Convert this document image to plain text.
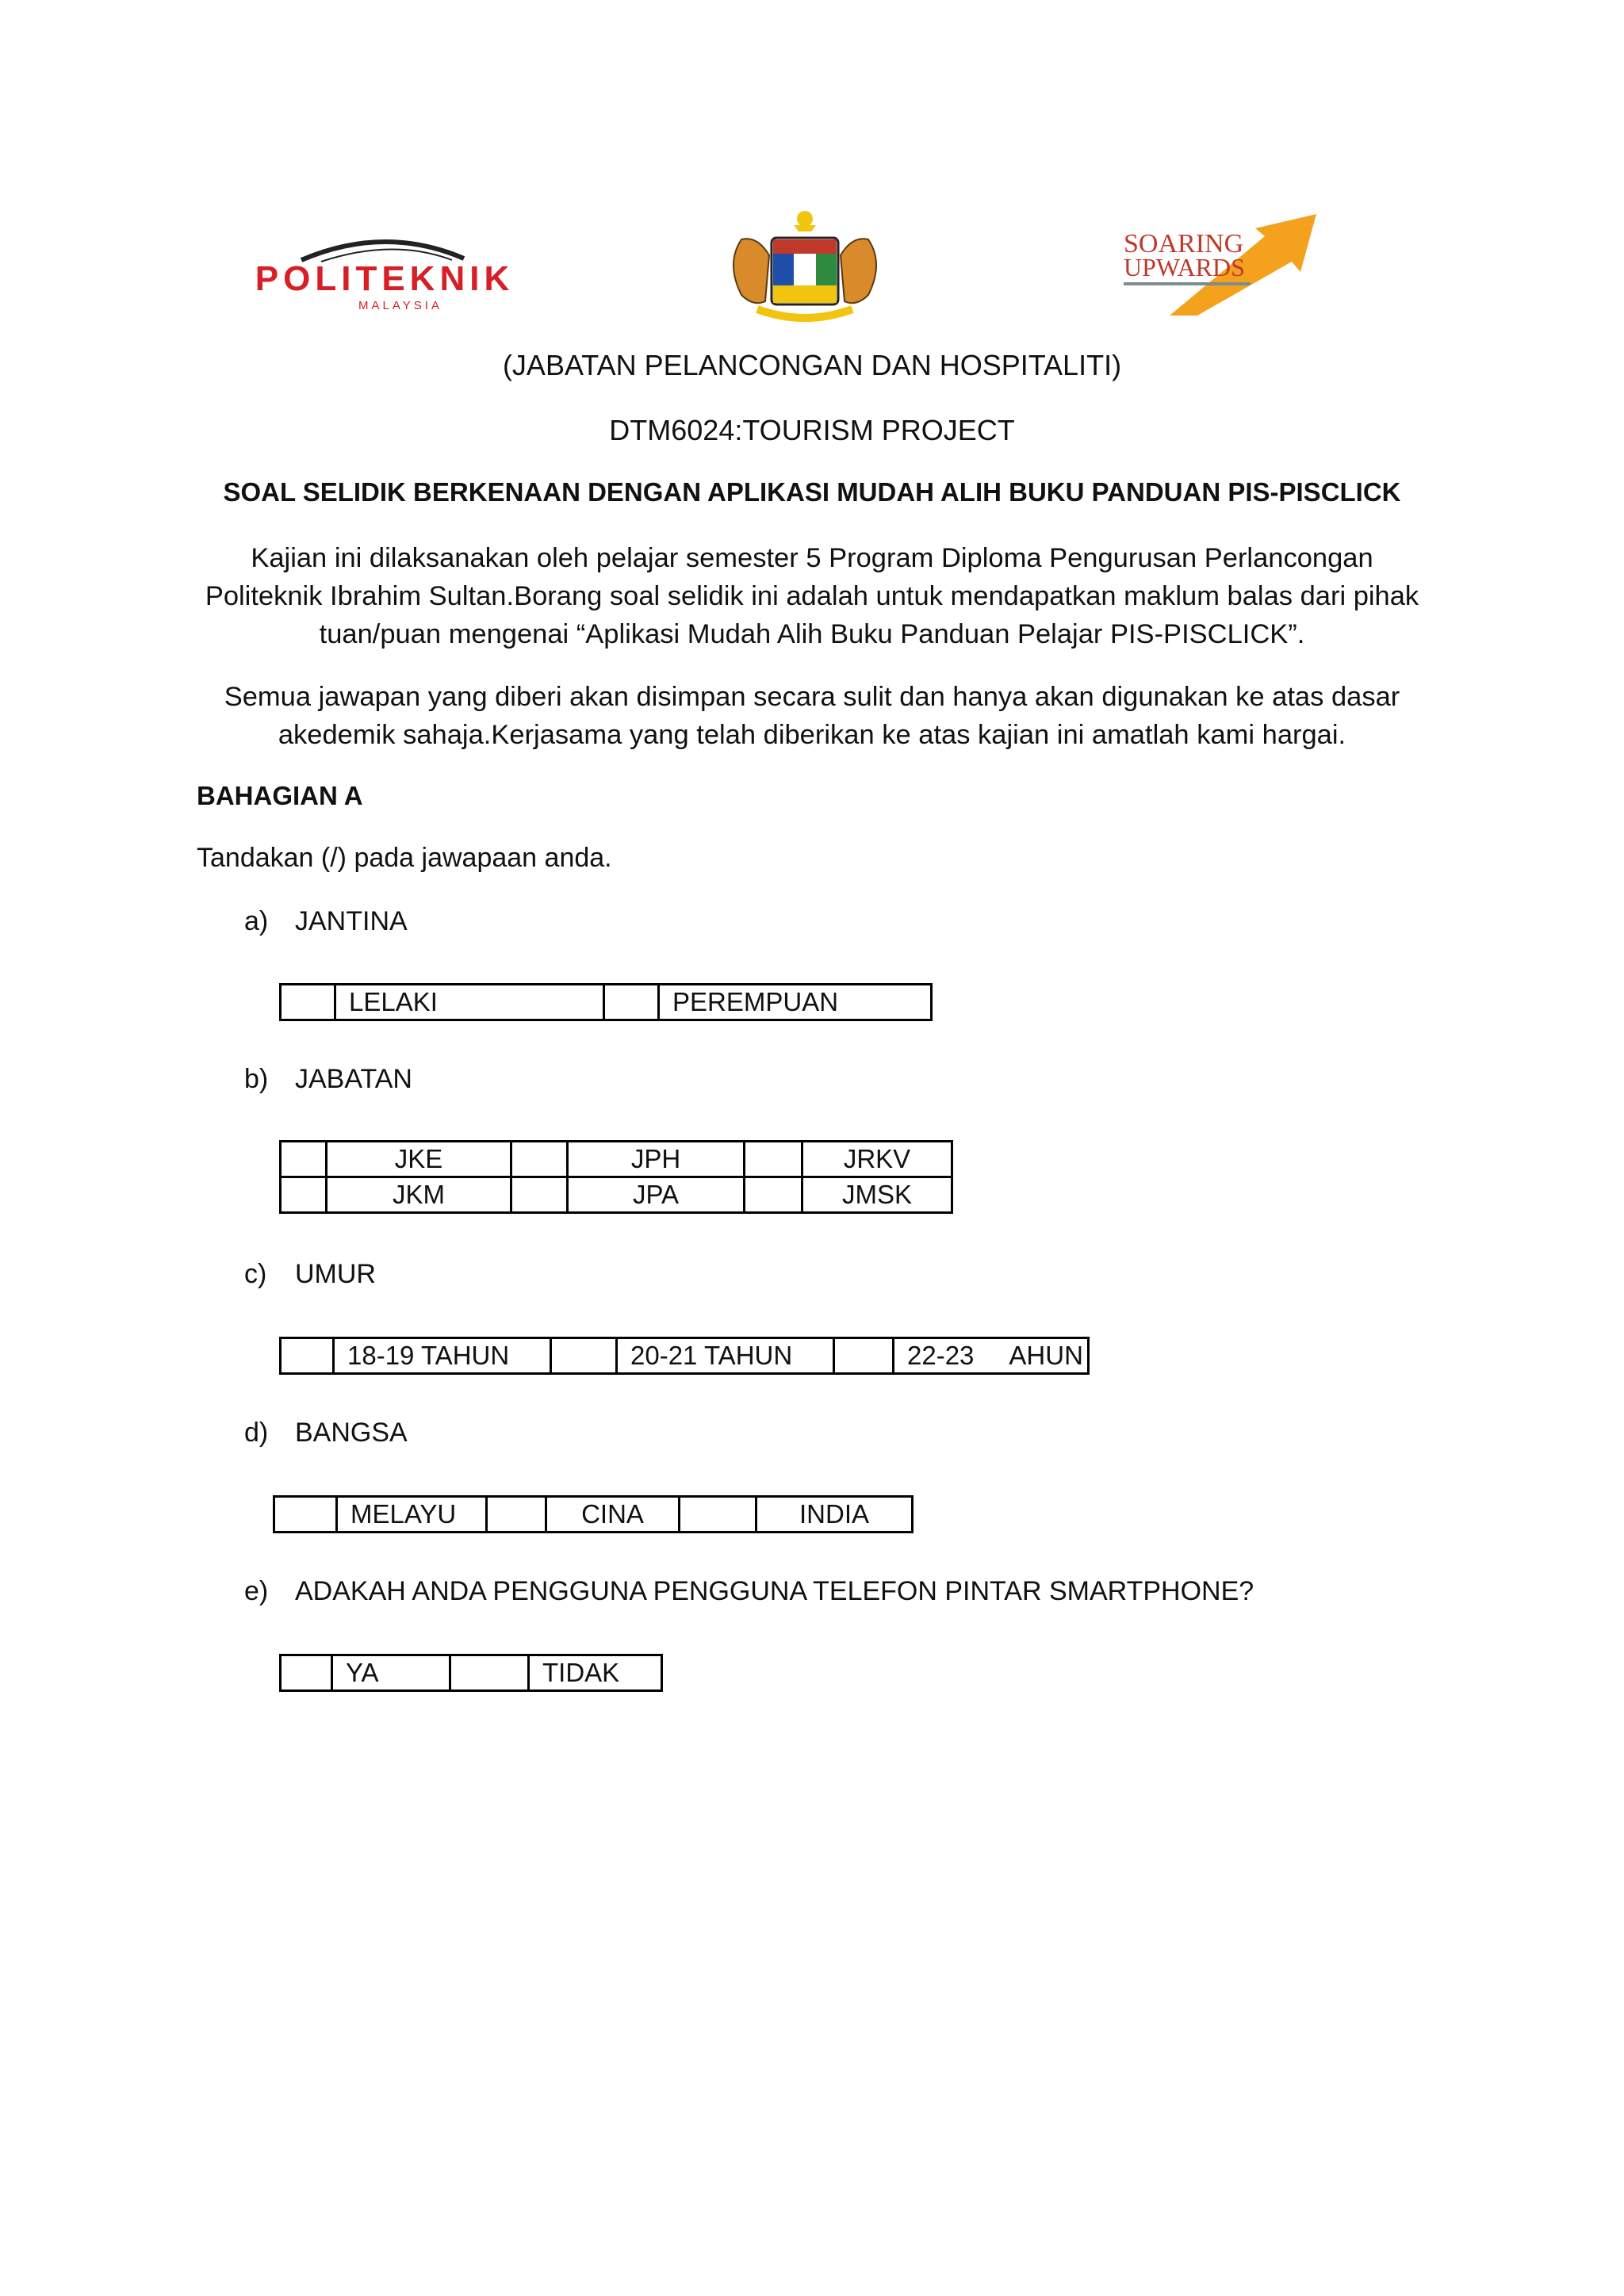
POLITEKNIK
MALAYSIA
SOARING
UPWARDS
(JABATAN PELANCONGAN DAN HOSPITALITI)
DTM6024:TOURISM PROJECT
SOAL SELIDIK BERKENAAN DENGAN APLIKASI MUDAH ALIH BUKU PANDUAN PIS-PISCLICK
Kajian ini dilaksanakan oleh pelajar semester 5 Program Diploma Pengurusan Perlancongan Politeknik Ibrahim Sultan.Borang soal selidik ini adalah untuk mendapatkan maklum balas dari pihak tuan/puan mengenai “Aplikasi Mudah Alih Buku Panduan Pelajar PIS-PISCLICK”.
Semua jawapan yang diberi akan disimpan secara sulit dan hanya akan digunakan ke atas dasar akedemik sahaja.Kerjasama yang telah diberikan ke atas kajian ini amatlah kami hargai.
BAHAGIAN A
Tandakan (/) pada jawapaan anda.
a) JANTINA
	LELAKI		PEREMPUAN
b) JABATAN
	JKE		JPH		JRKV
	JKM		JPA		JMSK
c) UMUR
	18-19 TAHUN		20-21 TAHUN		22-23     AHUN
d) BANGSA
	MELAYU		CINA		INDIA
e) ADAKAH ANDA PENGGUNA PENGGUNA TELEFON PINTAR SMARTPHONE?
	YA		TIDAK
